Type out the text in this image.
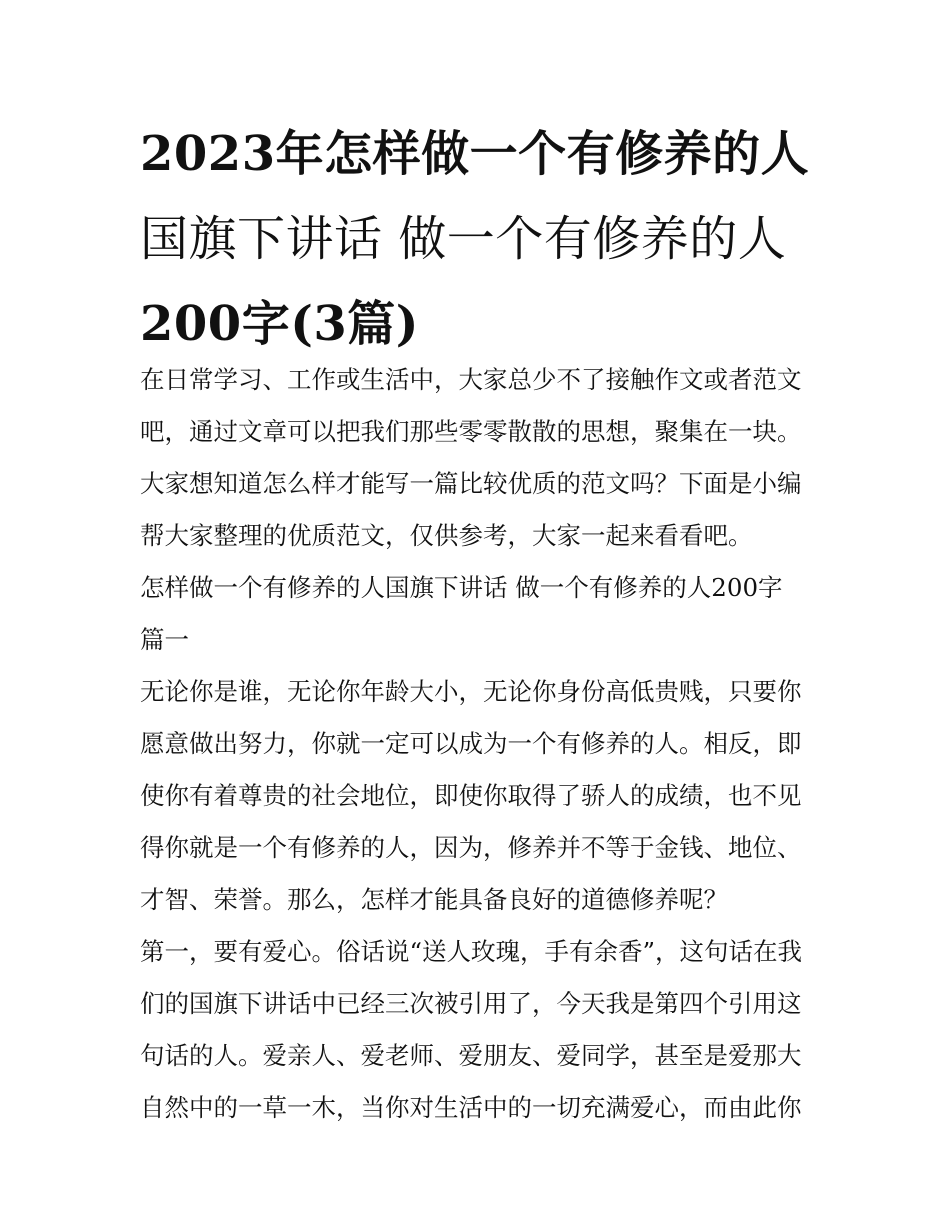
2023年怎样做一个有修养的人
国旗下讲话 做一个有修养的人
200字(3篇)
在日常学习、工作或生活中，大家总少不了接触作文或者范文
吧，通过文章可以把我们那些零零散散的思想，聚集在一块。
大家想知道怎么样才能写一篇比较优质的范文吗？下面是小编
帮大家整理的优质范文，仅供参考，大家一起来看看吧。
怎样做一个有修养的人国旗下讲话 做一个有修养的人200字
篇一
无论你是谁，无论你年龄大小，无论你身份高低贵贱，只要你
愿意做出努力，你就一定可以成为一个有修养的人。相反，即
使你有着尊贵的社会地位，即使你取得了骄人的成绩，也不见
得你就是一个有修养的人，因为，修养并不等于金钱、地位、
才智、荣誉。那么，怎样才能具备良好的道德修养呢？
第一，要有爱心。俗话说“送人玫瑰，手有余香”，这句话在我
们的国旗下讲话中已经三次被引用了，今天我是第四个引用这
句话的人。爱亲人、爱老师、爱朋友、爱同学，甚至是爱那大
自然中的一草一木，当你对生活中的一切充满爱心，而由此你
